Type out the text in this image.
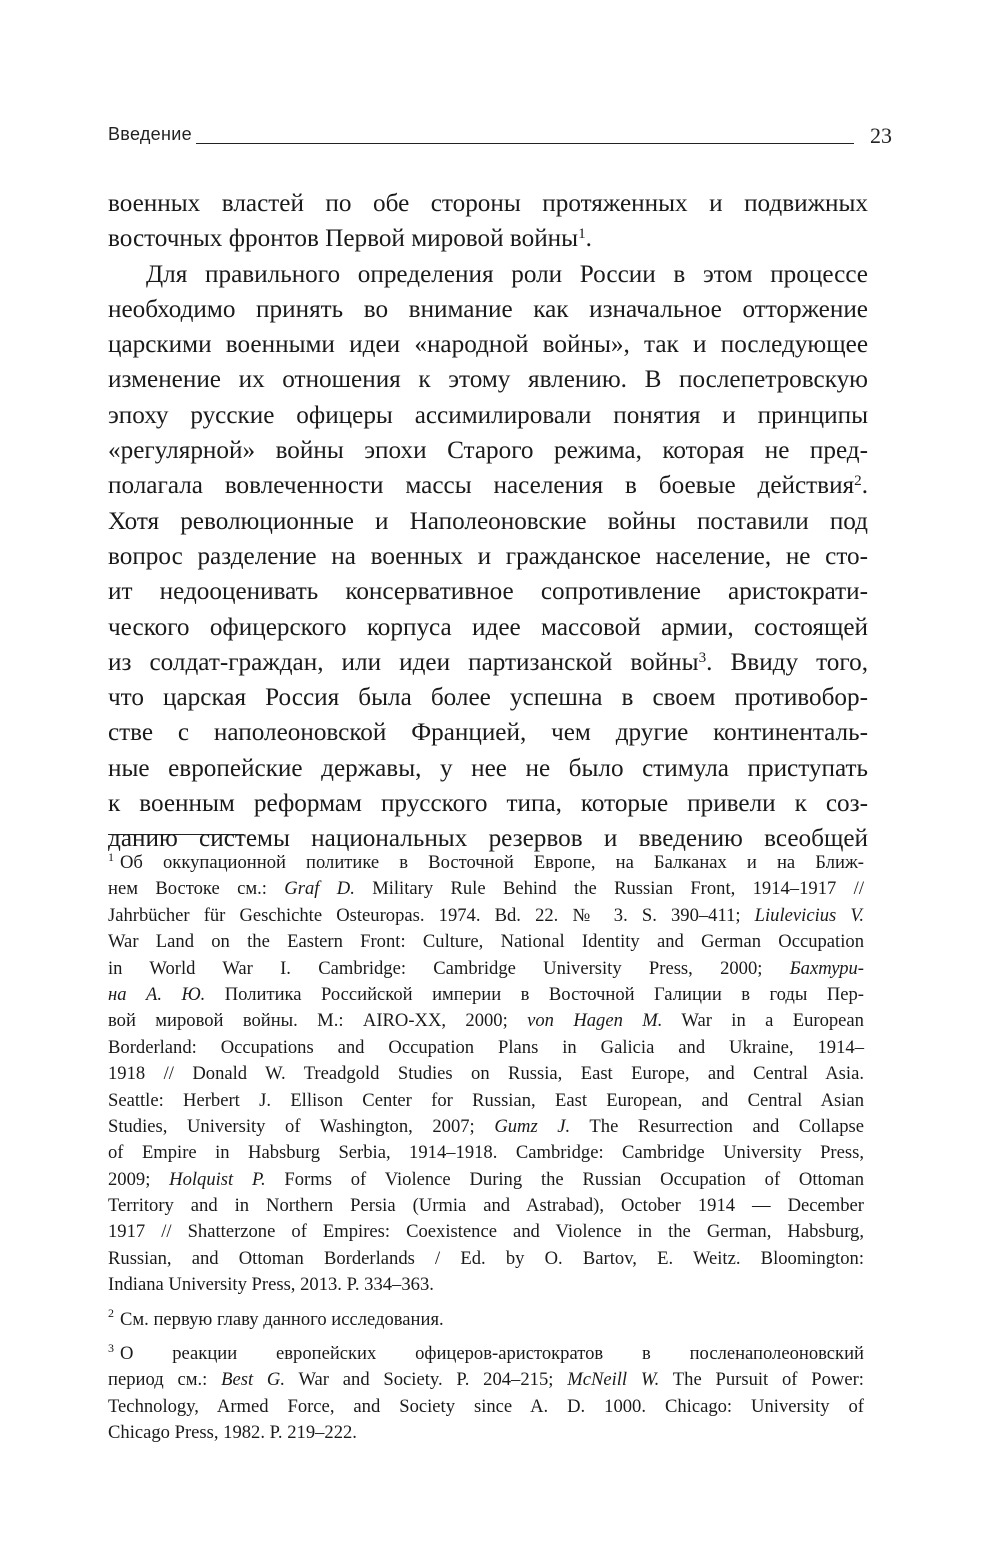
Введение	23
военных властей по обе стороны протяженных и подвижных
восточных фронтов Первой мировой войны$^1$.
Для правильного определения роли России в этом процессе
необходимо принять во внимание как изначальное отторжение
царскими военными идеи «народной войны», так и последующее
изменение их отношения к этому явлению. В послепетровскую
эпоху русские офицеры ассимилировали понятия и принципы
«регулярной» войны эпохи Старого режима, которая не пред-
полагала вовлеченности массы населения в боевые действия$^2$.
Хотя революционные и Наполеоновские войны поставили под
вопрос разделение на военных и гражданское население, не сто-
ит недооценивать консервативное сопротивление аристократи-
ческого офицерского корпуса идее массовой армии, состоящей
из солдат-граждан, или идеи партизанской войны$^3$. Ввиду того,
что царская Россия была более успешна в своем противобор-
стве с наполеоновской Францией, чем другие континенталь-
ные европейские державы, у нее не было стимула приступать
к военным реформам прусского типа, которые привели к соз-
данию системы национальных резервов и введению всеобщей
$^1$ Об оккупационной политике в Восточной Европе, на Балканах и на Ближ-
нем Востоке см.: Graf D. Military Rule Behind the Russian Front, 1914–1917 //
Jahrbücher für Geschichte Osteuropas. 1974. Bd. 22. № 3. S. 390–411; Liulevicius V.
War Land on the Eastern Front: Culture, National Identity and German Occupation
in World War I. Cambridge: Cambridge University Press, 2000; Бахтури-
на А. Ю. Политика Российской империи в Восточной Галиции в годы Пер-
вой мировой войны. М.: AIRO-XX, 2000; von Hagen M. War in a European
Borderland: Occupations and Occupation Plans in Galicia and Ukraine, 1914–
1918 // Donald W. Treadgold Studies on Russia, East Europe, and Central Asia.
Seattle: Herbert J. Ellison Center for Russian, East European, and Central Asian
Studies, University of Washington, 2007; Gumz J. The Resurrection and Collapse
of Empire in Habsburg Serbia, 1914–1918. Cambridge: Cambridge University Press,
2009; Holquist P. Forms of Violence During the Russian Occupation of Ottoman
Territory and in Northern Persia (Urmia and Astrabad), October 1914 — December
1917 // Shatterzone of Empires: Coexistence and Violence in the German, Habsburg,
Russian, and Ottoman Borderlands / Ed. by O. Bartov, E. Weitz. Bloomington:
Indiana University Press, 2013. P. 334–363.
$^2$ См. первую главу данного исследования.
$^3$ О реакции европейских офицеров-аристократов в посленаполеоновский
период см.: Best G. War and Society. P. 204–215; McNeill W. The Pursuit of Power:
Technology, Armed Force, and Society since A. D. 1000. Chicago: University of
Chicago Press, 1982. P. 219–222.
